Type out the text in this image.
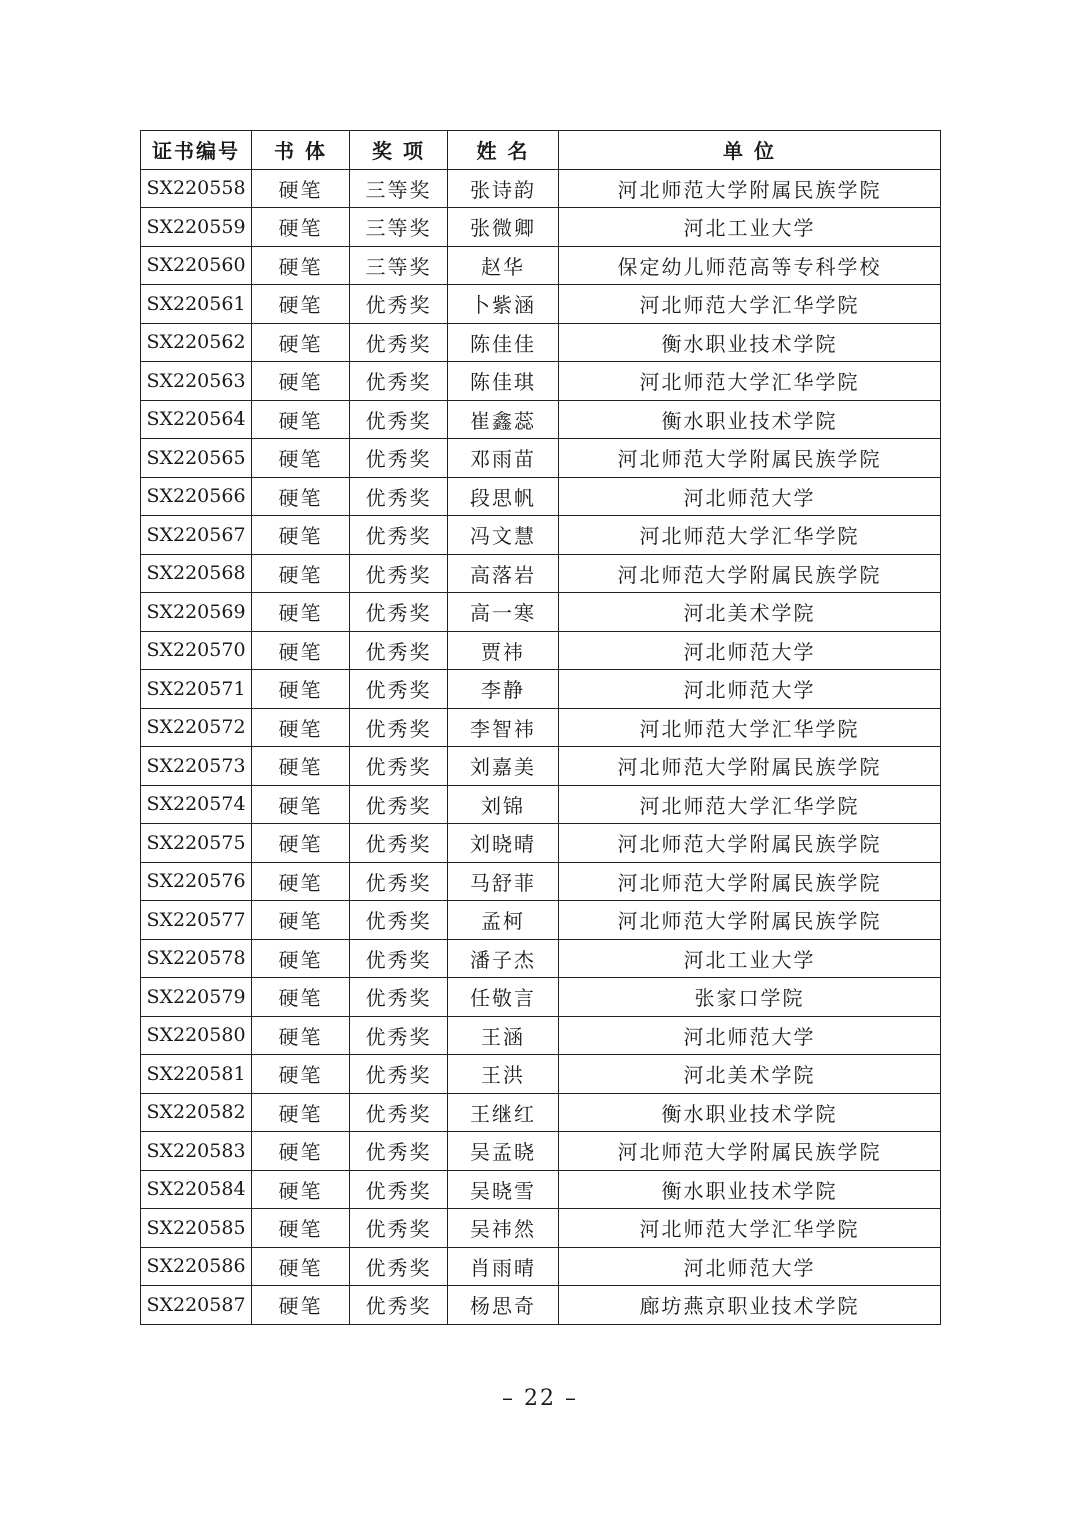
证书编号	书 体	奖 项	姓 名	单 位
SX220558	硬笔	三等奖	张诗韵	河北师范大学附属民族学院
SX220559	硬笔	三等奖	张微卿	河北工业大学
SX220560	硬笔	三等奖	赵华	保定幼儿师范高等专科学校
SX220561	硬笔	优秀奖	卜紫涵	河北师范大学汇华学院
SX220562	硬笔	优秀奖	陈佳佳	衡水职业技术学院
SX220563	硬笔	优秀奖	陈佳琪	河北师范大学汇华学院
SX220564	硬笔	优秀奖	崔鑫蕊	衡水职业技术学院
SX220565	硬笔	优秀奖	邓雨苗	河北师范大学附属民族学院
SX220566	硬笔	优秀奖	段思帆	河北师范大学
SX220567	硬笔	优秀奖	冯文慧	河北师范大学汇华学院
SX220568	硬笔	优秀奖	高落岩	河北师范大学附属民族学院
SX220569	硬笔	优秀奖	高一寒	河北美术学院
SX220570	硬笔	优秀奖	贾祎	河北师范大学
SX220571	硬笔	优秀奖	李静	河北师范大学
SX220572	硬笔	优秀奖	李智祎	河北师范大学汇华学院
SX220573	硬笔	优秀奖	刘嘉美	河北师范大学附属民族学院
SX220574	硬笔	优秀奖	刘锦	河北师范大学汇华学院
SX220575	硬笔	优秀奖	刘晓晴	河北师范大学附属民族学院
SX220576	硬笔	优秀奖	马舒菲	河北师范大学附属民族学院
SX220577	硬笔	优秀奖	孟柯	河北师范大学附属民族学院
SX220578	硬笔	优秀奖	潘子杰	河北工业大学
SX220579	硬笔	优秀奖	任敬言	张家口学院
SX220580	硬笔	优秀奖	王涵	河北师范大学
SX220581	硬笔	优秀奖	王洪	河北美术学院
SX220582	硬笔	优秀奖	王继红	衡水职业技术学院
SX220583	硬笔	优秀奖	吴孟晓	河北师范大学附属民族学院
SX220584	硬笔	优秀奖	吴晓雪	衡水职业技术学院
SX220585	硬笔	优秀奖	吴祎然	河北师范大学汇华学院
SX220586	硬笔	优秀奖	肖雨晴	河北师范大学
SX220587	硬笔	优秀奖	杨思奇	廊坊燕京职业技术学院
– 22 –
